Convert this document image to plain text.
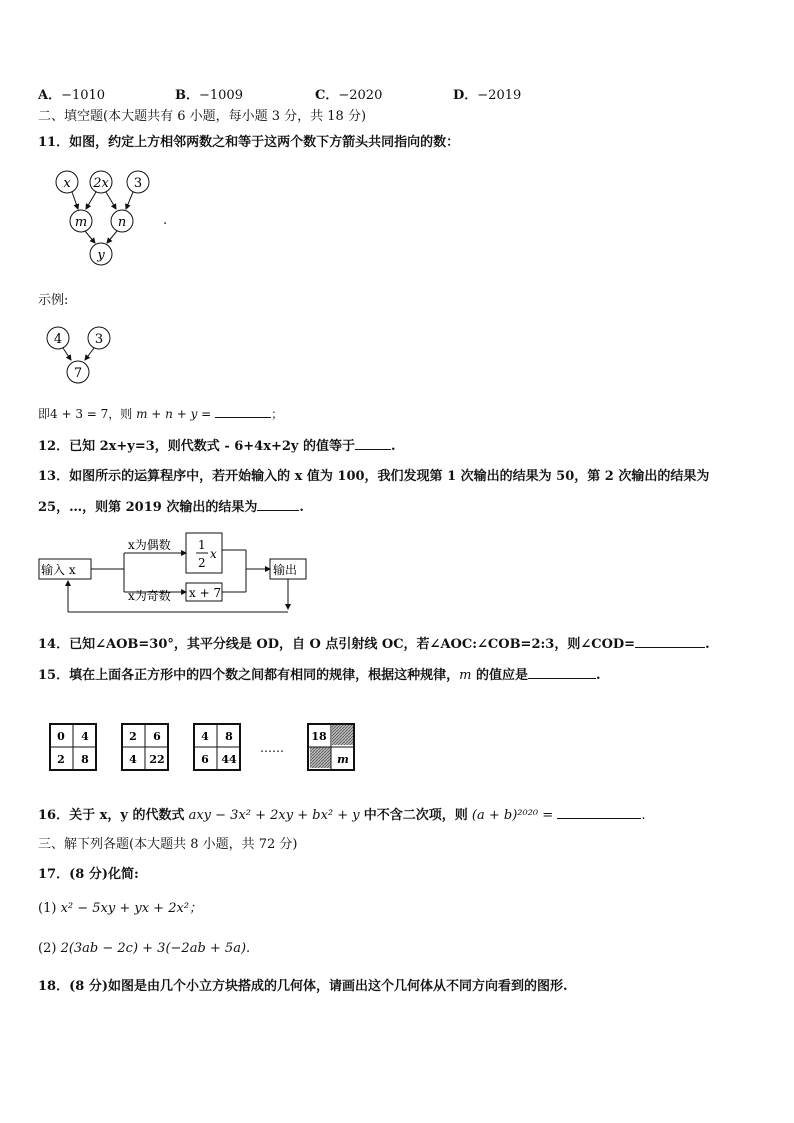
A．−1010	B．−1009	C．−2020	D．−2019
二、填空题(本大题共有 6 小题，每小题 3 分，共 18 分)
11．如图，约定上方相邻两数之和等于这两个数下方箭头共同指向的数：
x 2x 3
m n
y
.
示例:
4	3
7
即4 + 3 = 7，则 m + n + y =	；
12．已知 2x+y=3，则代数式 - 6+4x+2y 的值等于	.
13．如图所示的运算程序中，若开始输入的 x 值为 100，我们发现第 1 次输出的结果为 50，第 2 次输出的结果为
25，…，则第 2019 次输出的结果为	.
输入 x
x为偶数
x为奇数
1
2
x
x + 7
输出
14．已知∠AOB=30°，其平分线是 OD，自 O 点引射线 OC，若∠AOC:∠COB=2:3，则∠COD=	.
15．填在上面各正方形中的四个数之间都有相同的规律，根据这种规律，m 的值应是	.
0 4
2 8
2 6
4 22
4 8
6 44
18
m
……
16．关于 x，y 的代数式 axy − 3x² + 2xy + bx² + y 中不含二次项，则 (a + b)²⁰²⁰ =	.
三、解下列各题(本大题共 8 小题，共 72 分)
17．(8 分)化简:
(1) x² − 5xy + yx + 2x²；
(2) 2(3ab − 2c) + 3(−2ab + 5a).
18．(8 分)如图是由几个小立方块搭成的几何体，请画出这个几何体从不同方向看到的图形.
